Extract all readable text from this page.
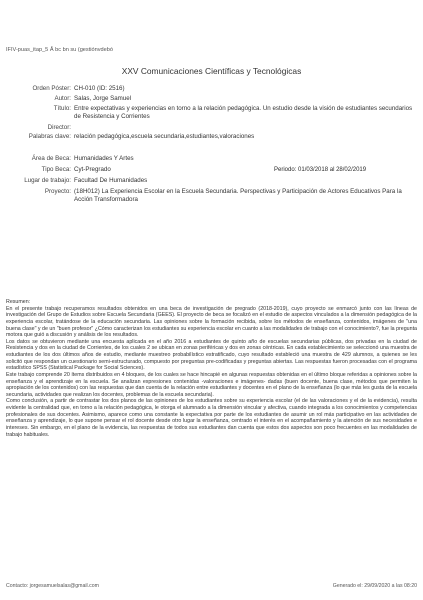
IFIV-puas_itap_5 Å bc bn su (gestiónvdebó
XXV Comunicaciones Científicas y Tecnológicas
Orden Póster: CH-010 (ID: 2516)
Autor: Salas, Jorge Samuel
Título: Entre expectativas y experiencias en torno a la relación pedagógica. Un estudio desde la visión de estudiantes secundarios de Resistencia y Corrientes
Director:
Palabras clave: relación pedagógica,escuela secundaria,estudiantes,valoraciones
Área de Beca: Humanidades Y Artes
Tipo Beca: Cyt-Pregrado	Periodo: 01/03/2018 al 28/02/2019
Lugar de trabajo: Facultad De Humanidades
Proyecto: (18H012) La Experiencia Escolar en la Escuela Secundaria. Perspectivas y Participación de Actores Educativos Para la Acción Transformadora

Resumen:

En el presente trabajo recuperamos resultados obtenidos en una beca de investigación de pregrado (2018-2019), cuyo proyecto se enmarcó junto con las líneas de investigación del Grupo de Estudios sobre Escuela Secundaria (GEES). El proyecto de beca se focalizó en el estudio de aspectos vinculados a la dimensión pedagógica de la experiencia escolar, tratándose de la educación secundaria. Las opiniones sobre la formación recibida, sobre los métodos de enseñanza, contenidos, imágenes de "una buena clase" y de un "buen profesor" ¿Cómo caracterizan los estudiantes su experiencia escolar en cuanto a las modalidades de trabajo con el conocimiento?, fue la pregunta motora que guió a discusión y análisis de los resultados.

Los datos se obtuvieron mediante una encuesta aplicada en el año 2016 a estudiantes de quinto año de escuelas secundarias públicas, dos privadas en la ciudad de Resistencia y dos en la ciudad de Corrientes, de los cuales 2 se ubican en zonas periféricas y dos en zonas céntricas. En cada establecimiento se seleccionó una muestra de estudiantes de los dos últimos años de estudio, mediante muestreo probabilístico estratificado, cuyo resultado estableció una muestra de 429 alumnos, a quienes se les solicitó que respondan un cuestionario semi-estructurado, compuesto por preguntas pre-codificadas y preguntas abiertas. Las respuestas fueron procesadas con el programa estadístico SPSS (Statistical Package for Social Sciences).

Este trabajo comprende 20 ítems distribuidos en 4 bloques, de los cuales se hace hincapié en algunas respuestas obtenidas en el último bloque referidas a opiniones sobre la enseñanza y el aprendizaje en la escuela. Se analizan expresiones contenidas -valoraciones e imágenes- dadas (buen docente, buena clase, métodos que permiten la apropiación de los contenidos) con las respuestas que dan cuenta de la relación entre estudiantes y docentes en el plano de la enseñanza (lo que más les gusta de la escuela secundaria, actividades que realizan los docentes, problemas de la escuela secundaria).

Como conclusión, a partir de contrastar los dos planos de las opiniones de los estudiantes sobre su experiencia escolar (el de las valoraciones y el de la evidencia), resulta evidente la centralidad que, en torno a la relación pedagógica, le otorga el alumnado a la dimensión vincular y afectiva, cuando integrada a los conocimientos y competencias profesionales de sus docentes. Asimismo, aparece como una constante la expectativa por parte de los estudiantes de asumir un rol más participativo en las actividades de enseñanza y aprendizaje, lo que supone pensar el rol docente desde otro lugar la enseñanza, centrado el interés en el acompañamiento y la atención de sus necesidades e intereses. Sin embargo, en el plano de la evidencia, las respuestas de todos sus estudiantes dan cuenta que estos dos aspectos son poco frecuentes en las modalidades de trabajo habituales.

Contacto: jorgesamuelsalas@gmail.com	Generado el: 29/09/2020 a las 08:20
